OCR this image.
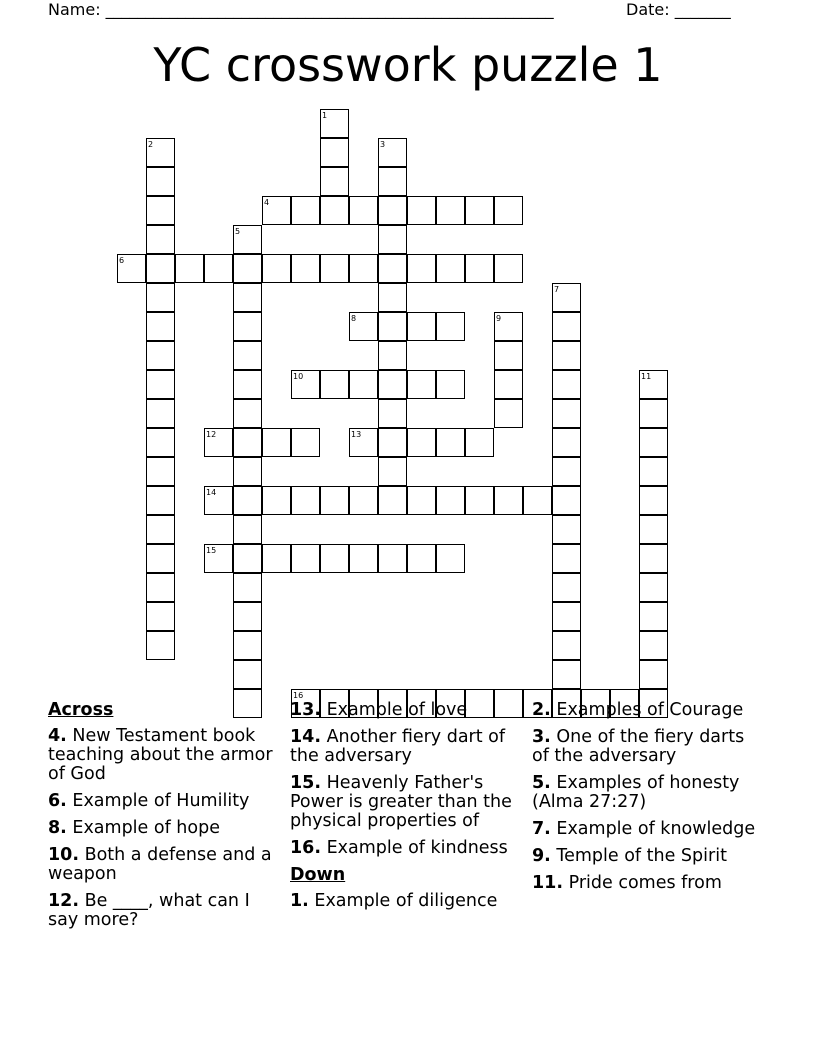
Name: ________________________________________________________	Date: _______
YC crosswork puzzle 1
1
2	3
4
5
6
7
8	9
10	11
12	13
14
15
16
Across
4. New Testament book teaching about the armor of God
6. Example of Humility
8. Example of hope
10. Both a defense and a weapon
12. Be ____, what can I say more?
13. Example of love
14. Another fiery dart of the adversary
15. Heavenly Father's Power is greater than the physical properties of
16. Example of kindness
Down
1. Example of diligence
2. Examples of Courage
3. One of the fiery darts of the adversary
5. Examples of honesty (Alma 27:27)
7. Example of knowledge
9. Temple of the Spirit
11. Pride comes from
